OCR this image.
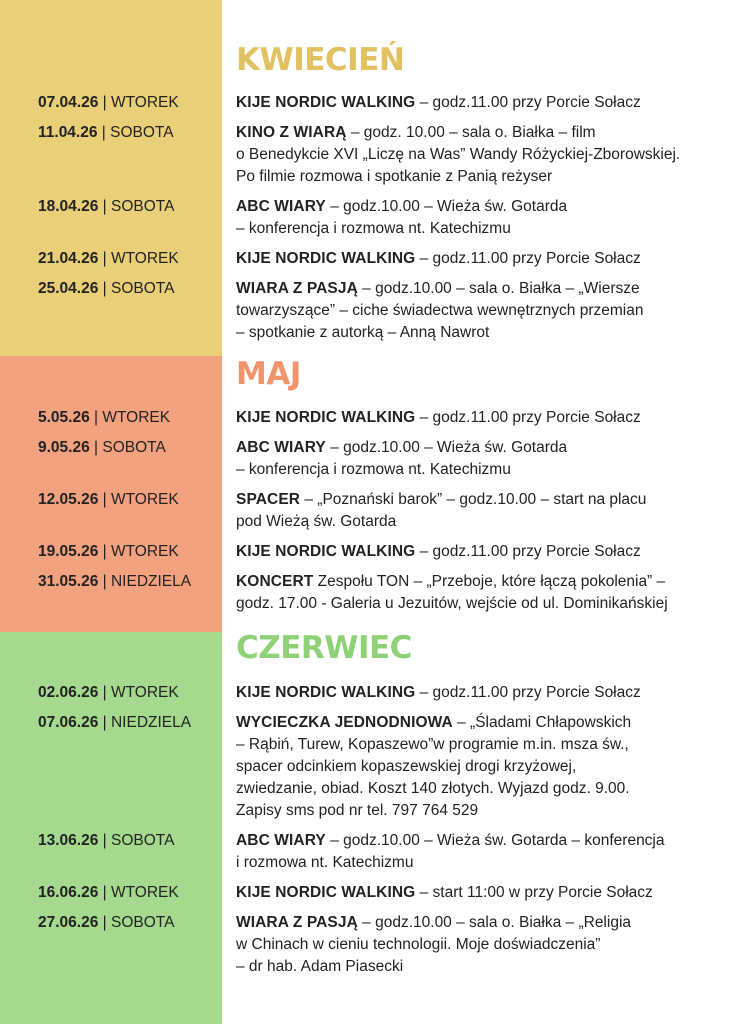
KWIECIEŃ
07.04.26 | WTOREK	KIJE NORDIC WALKING – godz.11.00 przy Porcie Sołacz
11.04.26 | SOBOTA	KINO Z WIARĄ – godz. 10.00 – sala o. Białka – film
o Benedykcie XVI „Liczę na Was” Wandy Różyckiej-Zborowskiej.
Po filmie rozmowa i spotkanie z Panią reżyser
18.04.26 | SOBOTA	ABC WIARY – godz.10.00 – Wieża św. Gotarda
– konferencja i rozmowa nt. Katechizmu
21.04.26 | WTOREK	KIJE NORDIC WALKING – godz.11.00 przy Porcie Sołacz
25.04.26 | SOBOTA	WIARA Z PASJĄ – godz.10.00 – sala o. Białka – „Wiersze
towarzyszące” – ciche świadectwa wewnętrznych przemian
– spotkanie z autorką – Anną Nawrot
MAJ
5.05.26 | WTOREK	KIJE NORDIC WALKING – godz.11.00 przy Porcie Sołacz
9.05.26 | SOBOTA	ABC WIARY – godz.10.00 – Wieża św. Gotarda
– konferencja i rozmowa nt. Katechizmu
12.05.26 | WTOREK	SPACER – „Poznański barok” – godz.10.00 – start na placu
pod Wieżą św. Gotarda
19.05.26 | WTOREK	KIJE NORDIC WALKING – godz.11.00 przy Porcie Sołacz
31.05.26 | NIEDZIELA	KONCERT Zespołu TON – „Przeboje, które łączą pokolenia” –
godz. 17.00 - Galeria u Jezuitów, wejście od ul. Dominikańskiej
CZERWIEC
02.06.26 | WTOREK	KIJE NORDIC WALKING – godz.11.00 przy Porcie Sołacz
07.06.26 | NIEDZIELA	WYCIECZKA JEDNODNIOWA – „Śladami Chłapowskich
– Rąbiń, Turew, Kopaszewo”w programie m.in. msza św.,
spacer odcinkiem kopaszewskiej drogi krzyżowej,
zwiedzanie, obiad. Koszt 140 złotych. Wyjazd godz. 9.00.
Zapisy sms pod nr tel. 797 764 529
13.06.26 | SOBOTA	ABC WIARY – godz.10.00 – Wieża św. Gotarda – konferencja
i rozmowa nt. Katechizmu
16.06.26 | WTOREK	KIJE NORDIC WALKING – start 11:00 w przy Porcie Sołacz
27.06.26 | SOBOTA	WIARA Z PASJĄ – godz.10.00 – sala o. Białka – „Religia
w Chinach w cieniu technologii. Moje doświadczenia”
– dr hab. Adam Piasecki
